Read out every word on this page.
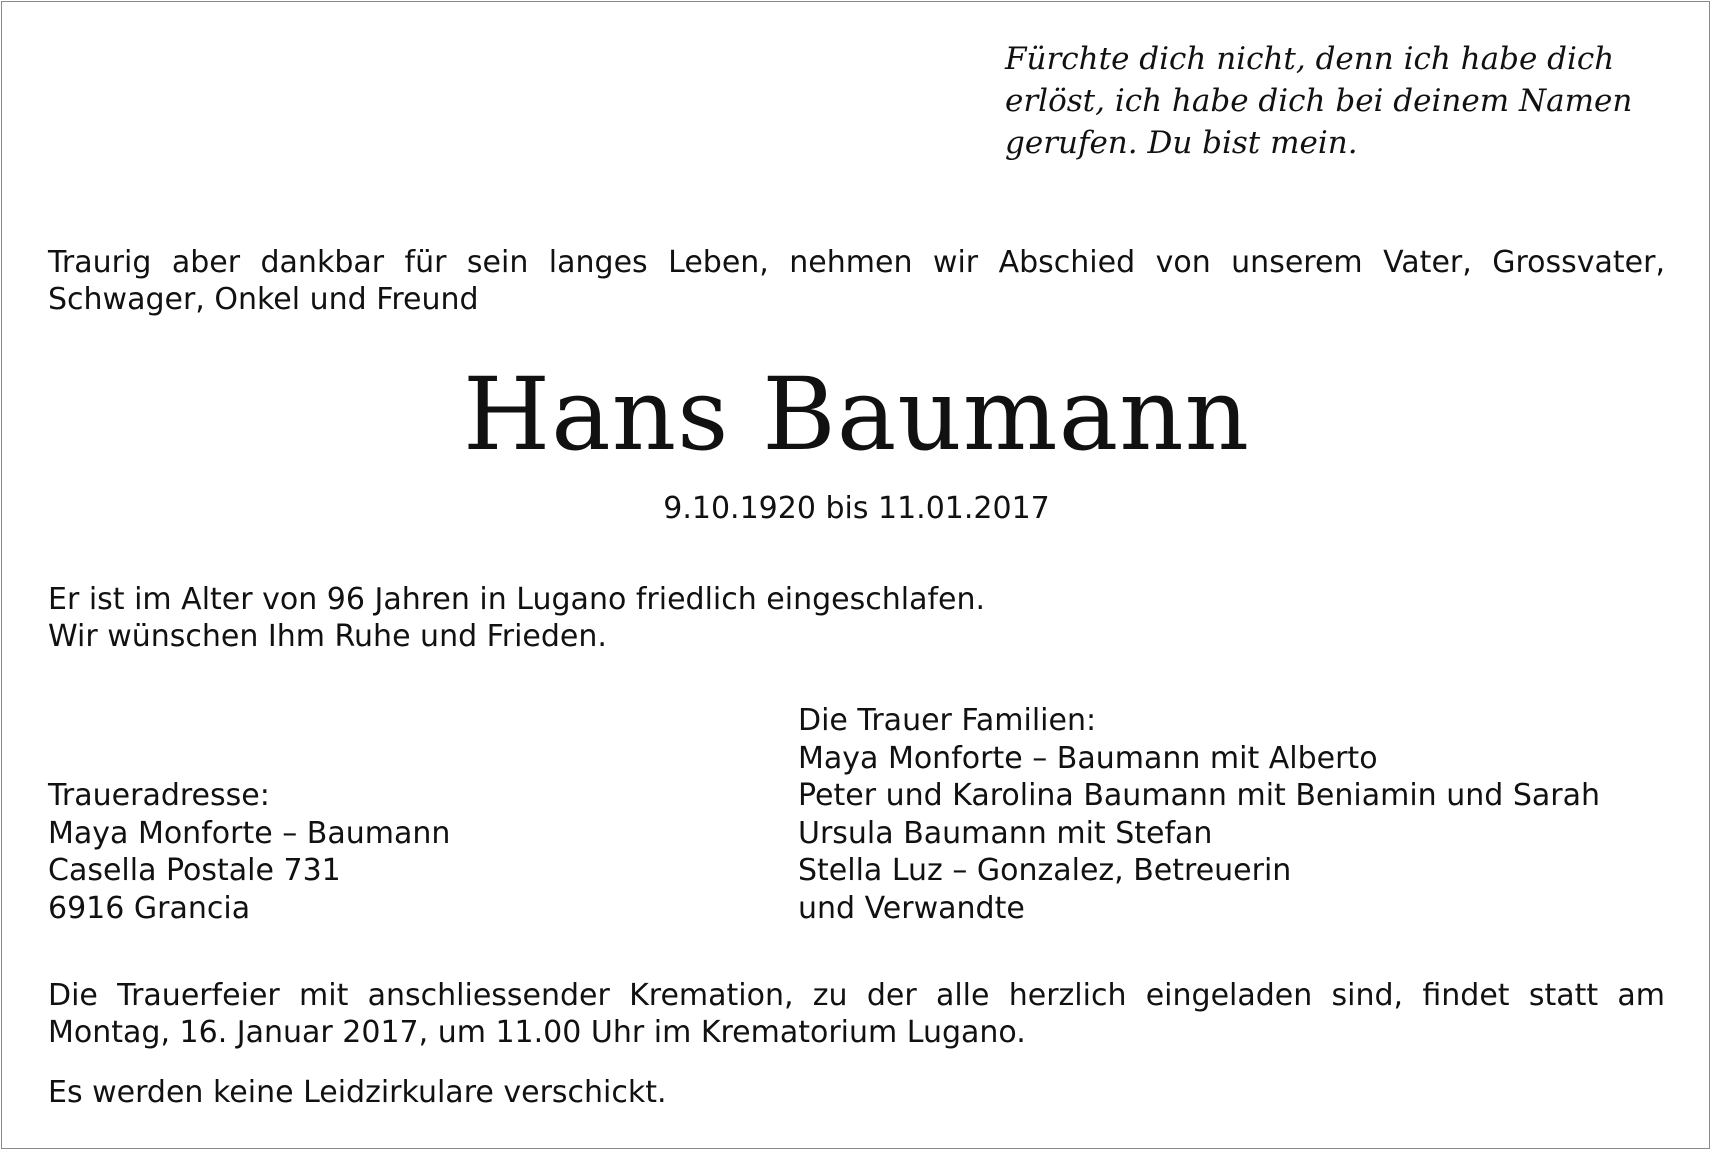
Fürchte dich nicht, denn ich habe dich
erlöst, ich habe dich bei deinem Namen
gerufen. Du bist mein.
Traurig aber dankbar für sein langes Leben, nehmen wir Abschied von unserem Vater, Grossvater,
Schwager, Onkel und Freund
Hans Baumann
9.10.1920 bis 11.01.2017
Er ist im Alter von 96 Jahren in Lugano friedlich eingeschlafen.
Wir wünschen Ihm Ruhe und Frieden.
Die Trauer Familien:
Maya Monforte – Baumann mit Alberto
Peter und Karolina Baumann mit Beniamin und Sarah
Ursula Baumann mit Stefan
Stella Luz – Gonzalez, Betreuerin
und Verwandte
Traueradresse:
Maya Monforte – Baumann
Casella Postale 731
6916 Grancia
Die Trauerfeier mit anschliessender Kremation, zu der alle herzlich eingeladen sind, findet statt am
Montag, 16. Januar 2017, um 11.00 Uhr im Krematorium Lugano.
Es werden keine Leidzirkulare verschickt.
